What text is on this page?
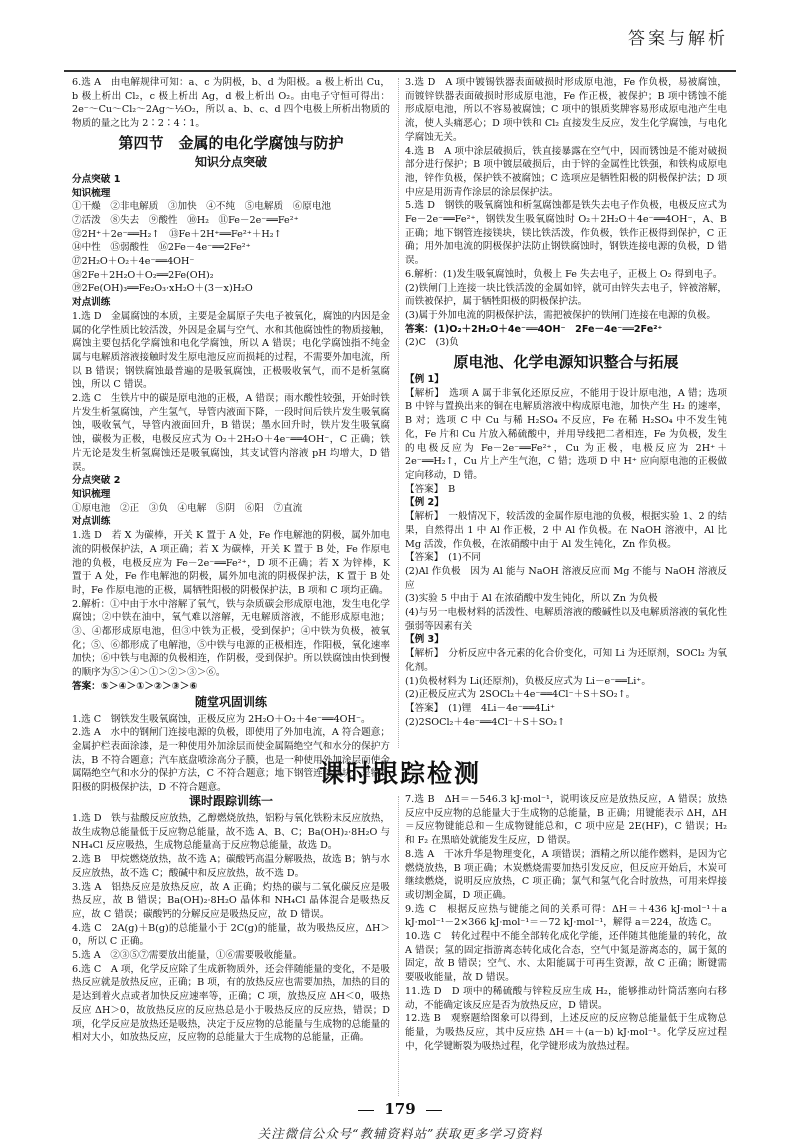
答案与解析

6.选 A　由电解规律可知：a、c 为阴极，b、d 为阳极。a 极上析出 Cu，b 极上析出 Cl₂，c 极上析出 Ag，d 极上析出 O₂。由电子守恒可得出：2e⁻～Cu～Cl₂～2Ag～½O₂，所以 a、b、c、d 四个电极上所析出物质的物质的量之比为 2∶2∶4∶1。

第四节　金属的电化学腐蚀与防护
知识分点突破

分点突破 1

知识梳理

①干燥　②非电解质　③加快　④不纯　⑤电解质　⑥原电池

⑦活泼　⑧失去　⑨酸性　⑩H₂　⑪Fe－2e⁻══Fe²⁺

⑫2H⁺＋2e⁻══H₂↑　⑬Fe＋2H⁺══Fe²⁺＋H₂↑

⑭中性　⑮弱酸性　⑯2Fe－4e⁻══2Fe²⁺

⑰2H₂O＋O₂＋4e⁻══4OH⁻

⑱2Fe＋2H₂O＋O₂══2Fe(OH)₂

⑲2Fe(OH)₃══Fe₂O₃·xH₂O＋(3－x)H₂O

对点训练

1.选 D　金属腐蚀的本质，主要是金属原子失电子被氧化，腐蚀的内因是金属的化学性质比较活泼，外因是金属与空气、水和其他腐蚀性的物质接触，腐蚀主要包括化学腐蚀和电化学腐蚀，所以 A 错误；电化学腐蚀指不纯金属与电解质溶液接触时发生原电池反应而损耗的过程，不需要外加电流，所以 B 错误；钢铁腐蚀最普遍的是吸氧腐蚀，正极吸收氧气，而不是析氢腐蚀，所以 C 错误。

2.选 C　生铁片中的碳是原电池的正极，A 错误；雨水酸性较强，开始时铁片发生析氢腐蚀，产生氢气，导管内液面下降，一段时间后铁片发生吸氧腐蚀，吸收氧气，导管内液面回升，B 错误；墨水回升时，铁片发生吸氧腐蚀，碳极为正极，电极反应式为 O₂＋2H₂O＋4e⁻══4OH⁻，C 正确；铁片无论是发生析氢腐蚀还是吸氧腐蚀，其支试管内溶液 pH 均增大，D 错误。

分点突破 2

知识梳理

①原电池　②正　③负　④电解　⑤阴　⑥阳　⑦直流

对点训练

1.选 D　若 X 为碳棒，开关 K 置于 A 处，Fe 作电解池的阴极，属外加电流的阴极保护法，A 项正确；若 X 为碳棒，开关 K 置于 B 处，Fe 作原电池的负极，电极反应为 Fe－2e⁻══Fe²⁺，D 项不正确；若 X 为锌棒，K 置于 A 处，Fe 作电解池的阴极，属外加电流的阴极保护法，K 置于 B 处时，Fe 作原电池的正极，属牺牲阳极的阴极保护法，B 项和 C 项均正确。

2.解析：①中由于水中溶解了氧气，铁与杂质碳会形成原电池，发生电化学腐蚀；②中铁在油中，氧气难以溶解，无电解质溶液，不能形成原电池；③、④都形成原电池，但③中铁为正极，受到保护；④中铁为负极，被氧化；⑤、⑥都形成了电解池，⑤中铁与电源的正极相连，作阳极，氧化速率加快；⑥中铁与电源的负极相连，作阴极，受到保护。所以铁腐蚀由快到慢的顺序为⑤＞④＞①＞②＞③＞⑥。

答案：⑤＞④＞①＞②＞③＞⑥

随堂巩固训练

1.选 C　钢铁发生吸氧腐蚀，正极反应为 2H₂O＋O₂＋4e⁻══4OH⁻。

2.选 A　水中的钢闸门连接电源的负极，即使用了外加电流，A 符合题意；金属护栏表面涂漆，是一种使用外加涂层而使金属隔绝空气和水分的保护方法，B 不符合题意；汽车底盘喷涂高分子膜，也是一种使用外加涂层而使金属隔绝空气和水分的保护方法，C 不符合题意；地下钢管连接镁块，是牺牲阳极的阴极保护法，D 不符合题意。

3.选 D　A 项中镀锡铁器表面破损时形成原电池，Fe 作负极，易被腐蚀，而镀锌铁器表面破损时形成原电池，Fe 作正极，被保护；B 项中锈蚀不能形成原电池，所以不容易被腐蚀；C 项中的银质奖牌容易形成原电池产生电流，使人头痛恶心；D 项中铁和 Cl₂ 直接发生反应，发生化学腐蚀，与电化学腐蚀无关。

4.选 B　A 项中涂层破损后，铁直接暴露在空气中，因而锈蚀是不能对破损部分进行保护；B 项中镀层破损后，由于锌的金属性比铁强，和铁构成原电池，锌作负极，保护铁不被腐蚀；C 选项应是牺牲阳极的阴极保护法；D 项中应是用沥青作涂层的涂层保护法。

5.选 D　钢铁的吸氧腐蚀和析氢腐蚀都是铁失去电子作负极，电极反应式为 Fe－2e⁻══Fe²⁺，钢铁发生吸氧腐蚀时 O₂＋2H₂O＋4e⁻══4OH⁻，A、B 正确；地下钢管连接镁块，镁比铁活泼，作负极，铁作正极得到保护，C 正确；用外加电流的阴极保护法防止钢铁腐蚀时，钢铁连接电源的负极，D 错误。

6.解析：(1)发生吸氧腐蚀时，负极上 Fe 失去电子，正极上 O₂ 得到电子。

(2)铁闸门上连接一块比铁活泼的金属如锌，就可由锌失去电子，锌被溶解，而铁被保护，属于牺牲阳极的阴极保护法。

(3)属于外加电流的阴极保护法，需把被保护的铁闸门连接在电源的负极。

答案：(1)O₂＋2H₂O＋4e⁻══4OH⁻　2Fe－4e⁻══2Fe²⁺

(2)C　(3)负

原电池、化学电源知识整合与拓展

【例 1】

【解析】　选项 A 属于非氧化还原反应，不能用于设计原电池，A 错；选项 B 中锌与置换出来的铜在电解质溶液中构成原电池，加快产生 H₂ 的速率，B 对；选项 C 中 Cu 与稀 H₂SO₄ 不反应，Fe 在稀 H₂SO₄ 中不发生钝化，Fe 片和 Cu 片放入稀硫酸中，并用导线把二者相连，Fe 为负极，发生的电极反应为 Fe－2e⁻══Fe²⁺，Cu 为正极，电极反应为 2H⁺＋2e⁻══H₂↑，Cu 片上产生气泡，C 错；选项 D 中 H⁺ 应向原电池的正极做定向移动，D 错。

【答案】　B

【例 2】

【解析】　一般情况下，较活泼的金属作原电池的负极，根据实验 1、2 的结果，自然得出 1 中 Al 作正极，2 中 Al 作负极。在 NaOH 溶液中，Al 比 Mg 活泼，作负极，在浓硝酸中由于 Al 发生钝化，Zn 作负极。

【答案】　(1)不同

(2)Al 作负极　因为 Al 能与 NaOH 溶液反应而 Mg 不能与 NaOH 溶液反应

(3)实验 5 中由于 Al 在浓硝酸中发生钝化，所以 Zn 为负极

(4)与另一电极材料的活泼性、电解质溶液的酸碱性以及电解质溶液的氧化性强弱等因素有关

【例 3】

【解析】　分析反应中各元素的化合价变化，可知 Li 为还原剂，SOCl₂ 为氧化剂。

(1)负极材料为 Li(还原剂)，负极反应式为 Li－e⁻══Li⁺。

(2)正极反应式为 2SOCl₂＋4e⁻══4Cl⁻＋S＋SO₂↑。

【答案】　(1)锂　4Li－4e⁻══4Li⁺

(2)2SOCl₂＋4e⁻══4Cl⁻＋S＋SO₂↑

课时跟踪检测
课时跟踪训练一

1.选 D　铁与盐酸反应放热，乙醇燃烧放热，铝粉与氧化铁粉末反应放热，故生成物总能量低于反应物总能量，故不选 A、B、C；Ba(OH)₂·8H₂O 与 NH₄Cl 反应吸热，生成物总能量高于反应物总能量，故选 D。

2.选 B　甲烷燃烧放热，故不选 A；碳酸钙高温分解吸热，故选 B；钠与水反应放热，故不选 C；酸碱中和反应放热，故不选 D。

3.选 A　铝热反应是放热反应，故 A 正确；灼热的碳与二氧化碳反应是吸热反应，故 B 错误；Ba(OH)₂·8H₂O 晶体和 NH₄Cl 晶体混合是吸热反应，故 C 错误；碳酸钙的分解反应是吸热反应，故 D 错误。

4.选 C　2A(g)＋B(g)的总能量小于 2C(g)的能量，故为吸热反应，ΔH＞0，所以 C 正确。

5.选 A　②③⑤⑦需要放出能量，①⑥需要吸收能量。

6.选 C　A 项，化学反应除了生成新物质外，还会伴随能量的变化，不是吸热反应就是放热反应，正确；B 项，有的放热反应也需要加热，加热的目的是达到着火点或者加快反应速率等，正确；C 项，放热反应 ΔH＜0，吸热反应 ΔH＞0，故放热反应的反应热总是小于吸热反应的反应热，错误；D 项，化学反应是放热还是吸热，决定于反应物的总能量与生成物的总能量的相对大小，如放热反应，反应物的总能量大于生成物的总能量，正确。

7.选 B　ΔH＝－546.3 kJ·mol⁻¹，说明该反应是放热反应，A 错误；放热反应中反应物的总能量大于生成物的总能量，B 正确；用键能表示 ΔH，ΔH＝反应物键能总和－生成物键能总和，C 项中应是 2E(HF)，C 错误；H₂ 和 F₂ 在黑暗处就能发生反应，D 错误。

8.选 A　干冰升华是物理变化，A 项错误；酒精之所以能作燃料，是因为它燃烧放热，B 项正确；木炭燃烧需要加热引发反应，但反应开始后，木炭可继续燃烧，说明反应放热，C 项正确；氯气和氢气化合时放热，可用来焊接或切割金属，D 项正确。

9.选 C　根据反应热与键能之间的关系可得：ΔH＝＋436 kJ·mol⁻¹＋a kJ·mol⁻¹－2×366 kJ·mol⁻¹＝－72 kJ·mol⁻¹，解得 a＝224，故选 C。

10.选 C　转化过程中不能全部转化成化学能，还伴随其他能量的转化，故 A 错误；氢的固定指游离态转化成化合态，空气中氮是游离态的，属于氮的固定，故 B 错误；空气、水、太阳能属于可再生资源，故 C 正确；断键需要吸收能量，故 D 错误。

11.选 D　D 项中的稀硫酸与锌粒反应生成 H₂，能够推动针筒活塞向右移动，不能确定该反应是否为放热反应，D 错误。

12.选 B　观察题给图象可以得到，上述反应的反应物总能量低于生成物总能量，为吸热反应，其中反应热 ΔH＝＋(a－b) kJ·mol⁻¹。化学反应过程中，化学键断裂为吸热过程，化学键形成为放热过程。

179
关注微信公众号“教辅资料站”获取更多学习资料
